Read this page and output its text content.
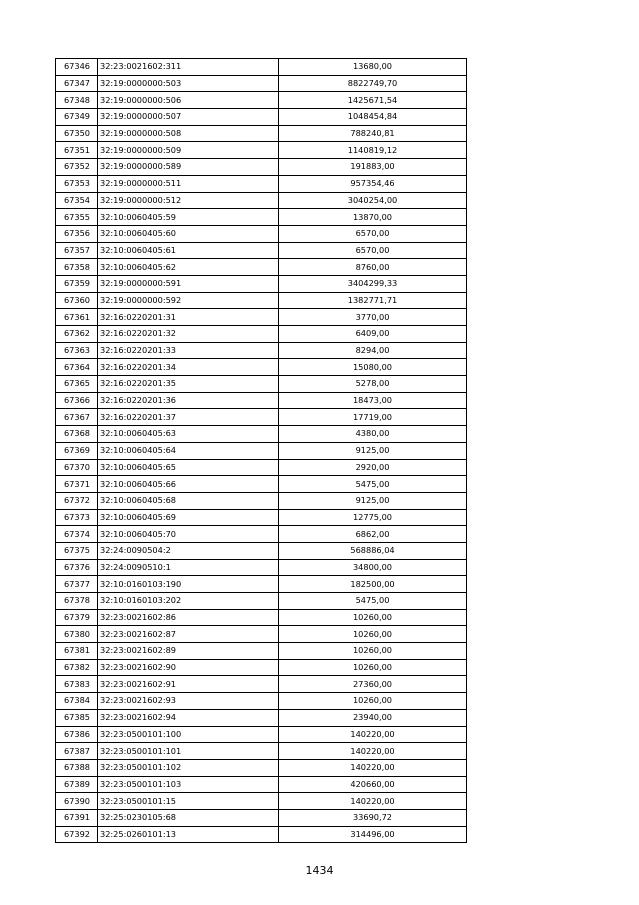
67346	32:23:0021602:311	13680,00
67347	32:19:0000000:503	8822749,70
67348	32:19:0000000:506	1425671,54
67349	32:19:0000000:507	1048454,84
67350	32:19:0000000:508	788240,81
67351	32:19:0000000:509	1140819,12
67352	32:19:0000000:589	191883,00
67353	32:19:0000000:511	957354,46
67354	32:19:0000000:512	3040254,00
67355	32:10:0060405:59	13870,00
67356	32:10:0060405:60	6570,00
67357	32:10:0060405:61	6570,00
67358	32:10:0060405:62	8760,00
67359	32:19:0000000:591	3404299,33
67360	32:19:0000000:592	1382771,71
67361	32:16:0220201:31	3770,00
67362	32:16:0220201:32	6409,00
67363	32:16:0220201:33	8294,00
67364	32:16:0220201:34	15080,00
67365	32:16:0220201:35	5278,00
67366	32:16:0220201:36	18473,00
67367	32:16:0220201:37	17719,00
67368	32:10:0060405:63	4380,00
67369	32:10:0060405:64	9125,00
67370	32:10:0060405:65	2920,00
67371	32:10:0060405:66	5475,00
67372	32:10:0060405:68	9125,00
67373	32:10:0060405:69	12775,00
67374	32:10:0060405:70	6862,00
67375	32:24:0090504:2	568886,04
67376	32:24:0090510:1	34800,00
67377	32:10:0160103:190	182500,00
67378	32:10:0160103:202	5475,00
67379	32:23:0021602:86	10260,00
67380	32:23:0021602:87	10260,00
67381	32:23:0021602:89	10260,00
67382	32:23:0021602:90	10260,00
67383	32:23:0021602:91	27360,00
67384	32:23:0021602:93	10260,00
67385	32:23:0021602:94	23940,00
67386	32:23:0500101:100	140220,00
67387	32:23:0500101:101	140220,00
67388	32:23:0500101:102	140220,00
67389	32:23:0500101:103	420660,00
67390	32:23:0500101:15	140220,00
67391	32:25:0230105:68	33690,72
67392	32:25:0260101:13	314496,00
1434
